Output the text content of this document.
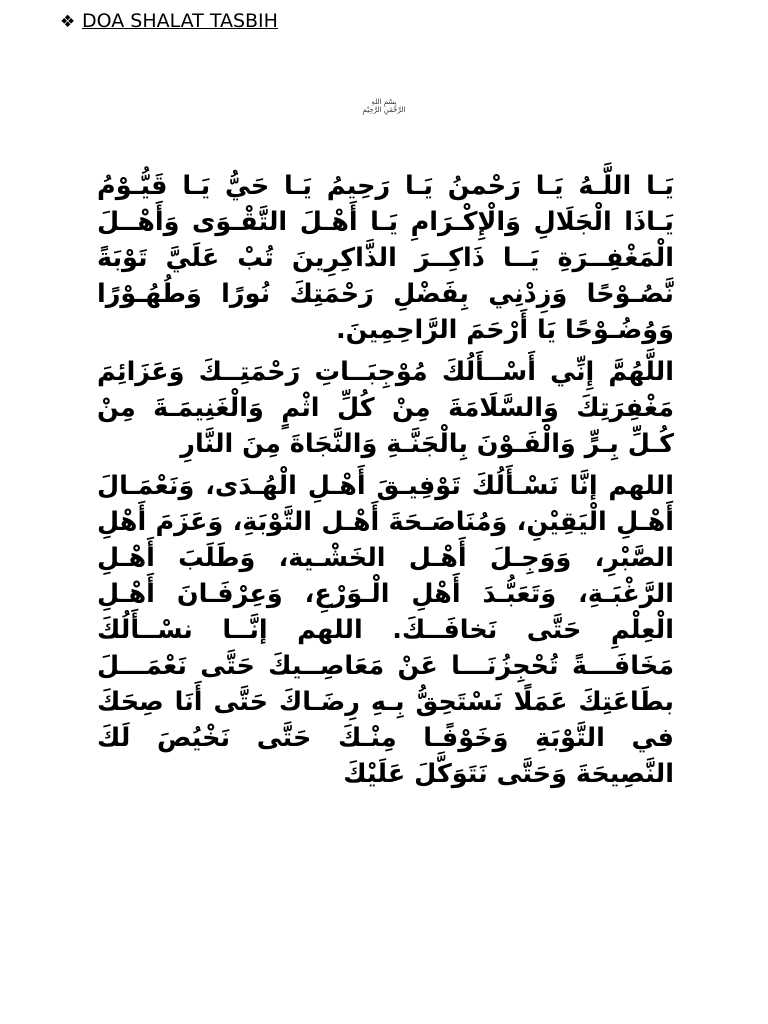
❖ DOA SHALAT TASBIH
بِسْمِ اللهِ
الرَّحْمٰنِ الرَّحِيْمِ

يَـا اللَّـهُ يَـا رَحْمنُ يَـا رَحِيمُ يَـا حَيُّ يَـا قَيُّـوْمُ يَـاذَا الْجَلَالِ وَالْإِكْـرَامِ يَـا أَهْـلَ التَّقْـوَى وَأَهْــلَ الْمَغْفِــرَةِ يَــا ذَاكِــرَ الذَّاكِرِينَ تُبْ عَلَيَّ تَوْبَةً نَّصُـوْحًا وَزِدْنِي بِفَضْلِ رَحْمَتِكَ نُورًا وَطُهُـوْرًا وَوُضُـوْحًا يَا أَرْحَمَ الرَّاحِمِينَ.

اللَّهُمَّ إِنِّي أَسْــأَلُكَ مُوْجِبَــاتِ رَحْمَتِــكَ وَعَزَائِمَ مَغْفِرَتِكَ وَالسَّلَامَةَ مِنْ كُلِّ اثْمٍ وَالْغَنِيمَـةَ مِنْ كُـلِّ بِـرٍّ وَالْفَـوْنَ بِالْجَنَّـةِ وَالنَّجَاةَ مِنَ النَّارِ

اللهم إنَّا نَسْـأَلُكَ تَوْفِيـقَ أَهْـلِ الْهُـدَى، وَنَعْمَـالَ أَهْـلِ الْيَقِيْنِ، وَمُنَاصَـحَةَ أَهْـل التَّوْبَةِ، وَعَزَمَ أَهْلِ الصَّبْرِ، وَوَجِـلَ أَهْـل الخَشْـية، وَطَلَبَ أَهْـلِ الرَّغْبَـةِ، وَتَعَبُّـدَ أَهْلِ الْـوَرْعِ، وَعِرْفَـانَ أَهْـلِ الْعِلْمِ حَتَّى نَخافَــكَ. اللهم إنَّــا نسْــأَلُكَ مَخَافَـــةً تُحْجِزُنَـــا عَنْ مَعَاصِــيكَ حَتَّى نَعْمَـــلَ بطَاعَتِكَ عَمَلًا نَسْتَحِقُّ بِـهِ رِضَـاكَ حَتَّى أَنَا صِحَكَ في التَّوْبَةِ وَخَوْفًـا مِنْـكَ حَتَّى نَخْيُصَ لَكَ النَّصِيحَةَ وَحَتَّى نَتَوَكَّلَ عَلَيْكَ
